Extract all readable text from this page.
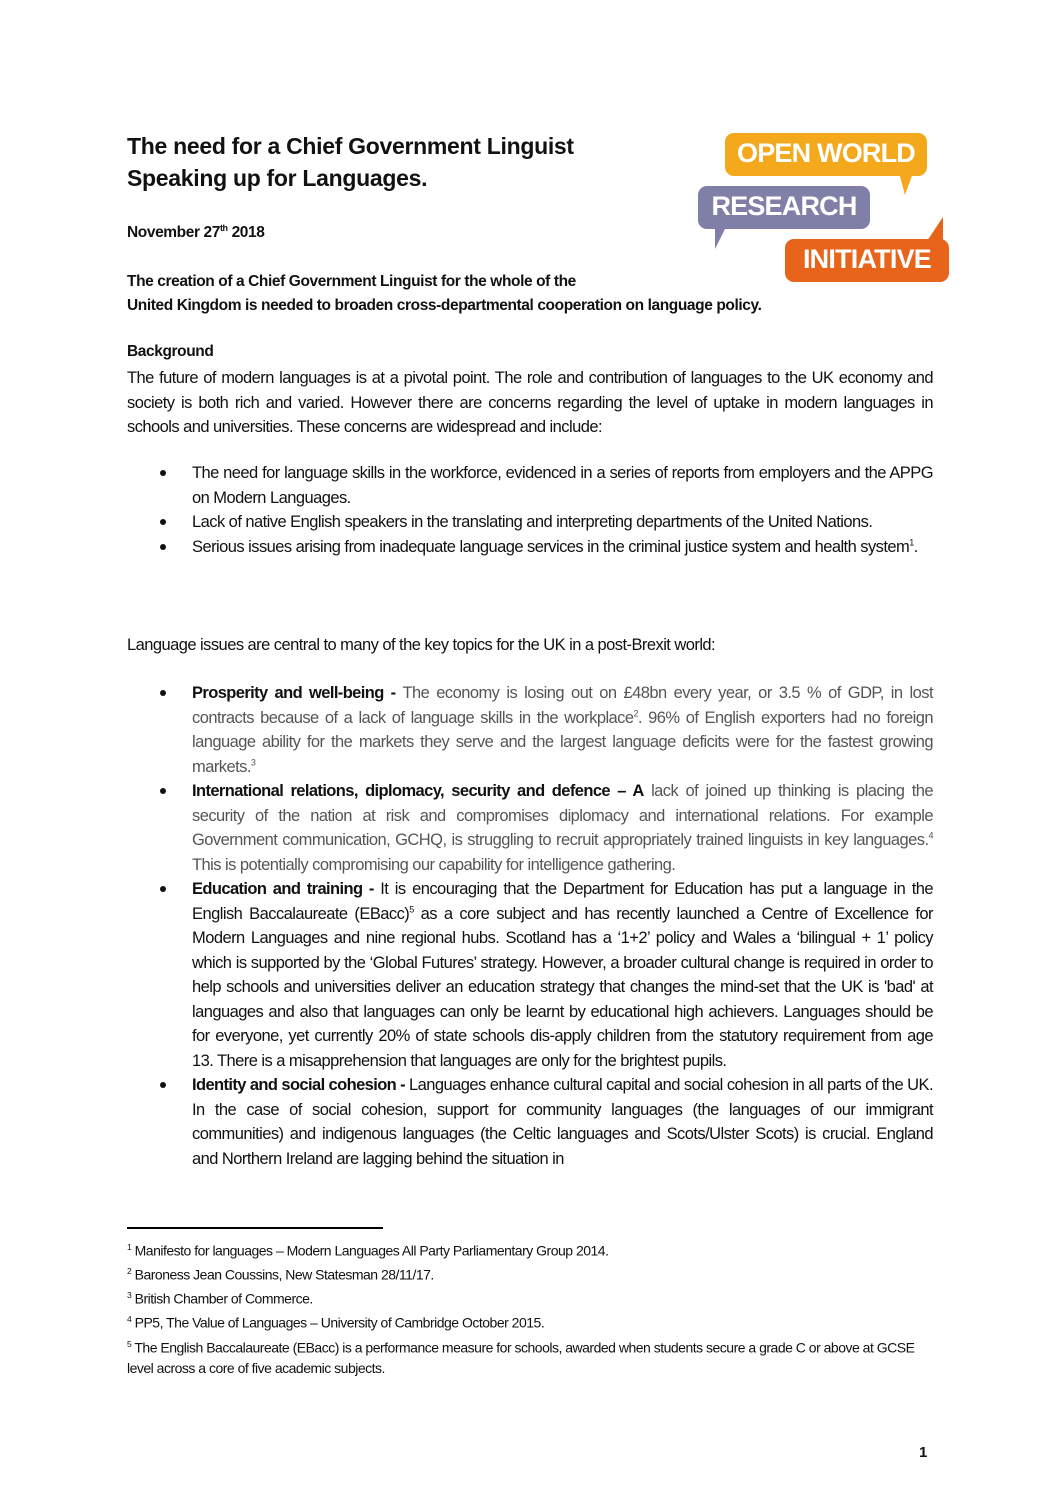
The need for a Chief Government Linguist
Speaking up for Languages.
OPEN WORLD
RESEARCH
INITIATIVE
November 27th 2018
The creation of a Chief Government Linguist for the whole of the
United Kingdom is needed to broaden cross-departmental cooperation on language policy.
Background
The future of modern languages is at a pivotal point. The role and contribution of languages to the UK economy and society is both rich and varied. However there are concerns regarding the level of uptake in modern languages in schools and universities. These concerns are widespread and include:
The need for language skills in the workforce, evidenced in a series of reports from employers and the APPG on Modern Languages.
Lack of native English speakers in the translating and interpreting departments of the United Nations.
Serious issues arising from inadequate language services in the criminal justice system and health system$^1$.
Language issues are central to many of the key topics for the UK in a post-Brexit world:
Prosperity and well-being - The economy is losing out on £48bn every year, or 3.5 % of GDP, in lost contracts because of a lack of language skills in the workplace$^2$. 96% of English exporters had no foreign language ability for the markets they serve and the largest language deficits were for the fastest growing markets.$^3$
International relations, diplomacy, security and defence – A lack of joined up thinking is placing the security of the nation at risk and compromises diplomacy and international relations. For example Government communication, GCHQ, is struggling to recruit appropriately trained linguists in key languages.$^4$ This is potentially compromising our capability for intelligence gathering.
Education and training - It is encouraging that the Department for Education has put a language in the English Baccalaureate (EBacc)$^5$ as a core subject and has recently launched a Centre of Excellence for Modern Languages and nine regional hubs. Scotland has a ‘1+2’ policy and Wales a ‘bilingual + 1’ policy which is supported by the ‘Global Futures’ strategy. However, a broader cultural change is required in order to help schools and universities deliver an education strategy that changes the mind-set that the UK is 'bad' at languages and also that languages can only be learnt by educational high achievers. Languages should be for everyone, yet currently 20% of state schools dis-apply children from the statutory requirement from age 13. There is a misapprehension that languages are only for the brightest pupils.
Identity and social cohesion - Languages enhance cultural capital and social cohesion in all parts of the UK. In the case of social cohesion, support for community languages (the languages of our immigrant communities) and indigenous languages (the Celtic languages and Scots/Ulster Scots) is crucial. England and Northern Ireland are lagging behind the situation in
$^1$ Manifesto for languages – Modern Languages All Party Parliamentary Group 2014.
$^2$ Baroness Jean Coussins, New Statesman 28/11/17.
$^3$ British Chamber of Commerce.
$^4$ PP5, The Value of Languages – University of Cambridge October 2015.
$^5$ The English Baccalaureate (EBacc) is a performance measure for schools, awarded when students secure a grade C or above at GCSE level across a core of five academic subjects.
1
